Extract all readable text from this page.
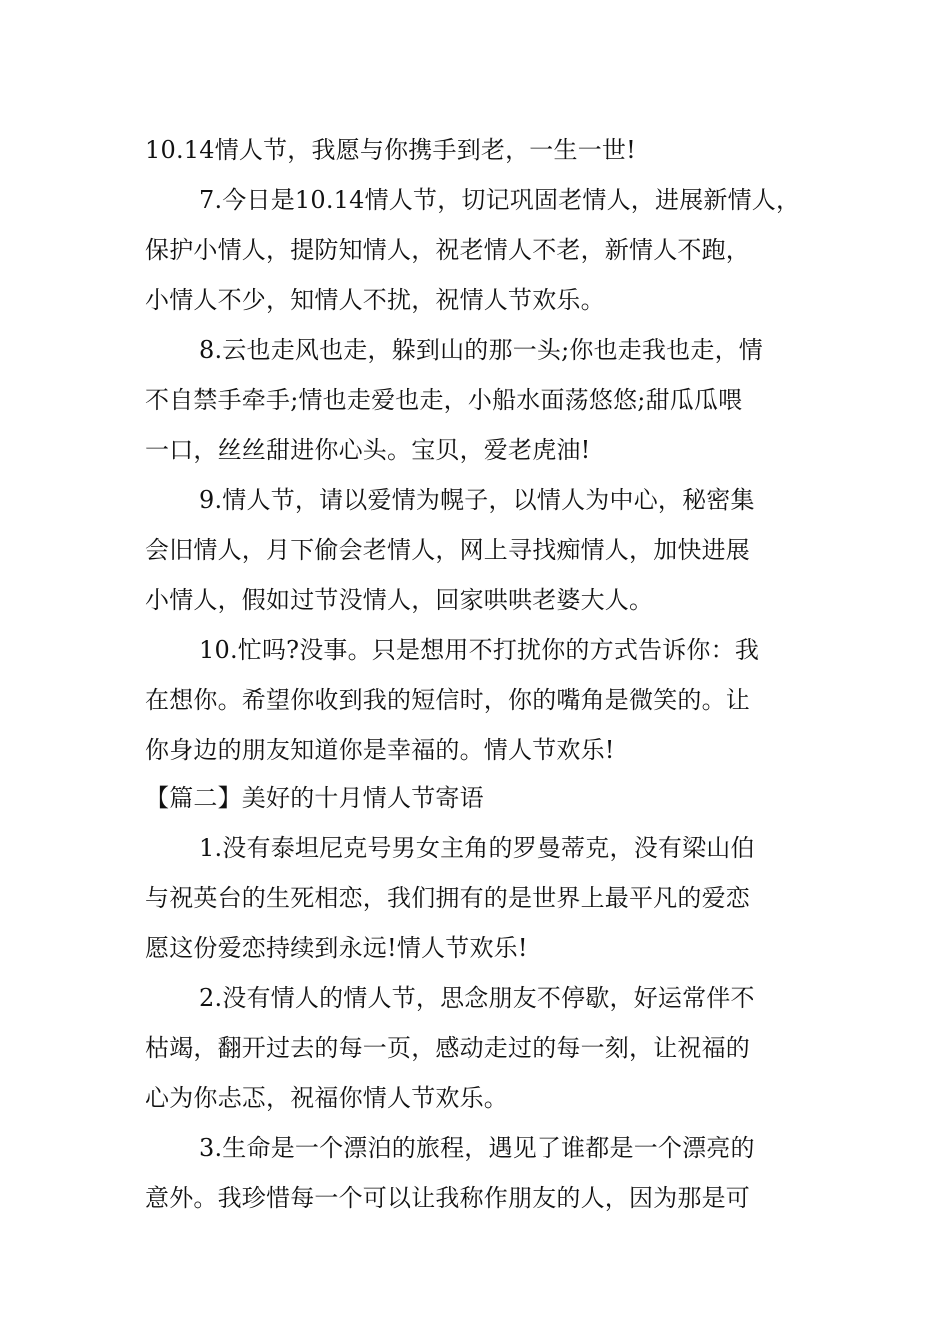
10.14情人节，我愿与你携手到老，一生一世!
7.今日是10.14情人节，切记巩固老情人，进展新情人，
保护小情人，提防知情人，祝老情人不老，新情人不跑，
小情人不少，知情人不扰，祝情人节欢乐。
8.云也走风也走，躲到山的那一头;你也走我也走，情
不自禁手牵手;情也走爱也走，小船水面荡悠悠;甜瓜瓜喂
一口，丝丝甜进你心头。宝贝，爱老虎油!
9.情人节，请以爱情为幌子，以情人为中心，秘密集
会旧情人，月下偷会老情人，网上寻找痴情人，加快进展
小情人，假如过节没情人，回家哄哄老婆大人。
10.忙吗?没事。只是想用不打扰你的方式告诉你：我
在想你。希望你收到我的短信时，你的嘴角是微笑的。让
你身边的朋友知道你是幸福的。情人节欢乐!
【篇二】美好的十月情人节寄语
1.没有泰坦尼克号男女主角的罗曼蒂克，没有梁山伯
与祝英台的生死相恋，我们拥有的是世界上最平凡的爱恋
愿这份爱恋持续到永远!情人节欢乐!
2.没有情人的情人节，思念朋友不停歇，好运常伴不
枯竭，翻开过去的每一页，感动走过的每一刻，让祝福的
心为你忐忑，祝福你情人节欢乐。
3.生命是一个漂泊的旅程，遇见了谁都是一个漂亮的
意外。我珍惜每一个可以让我称作朋友的人，因为那是可
